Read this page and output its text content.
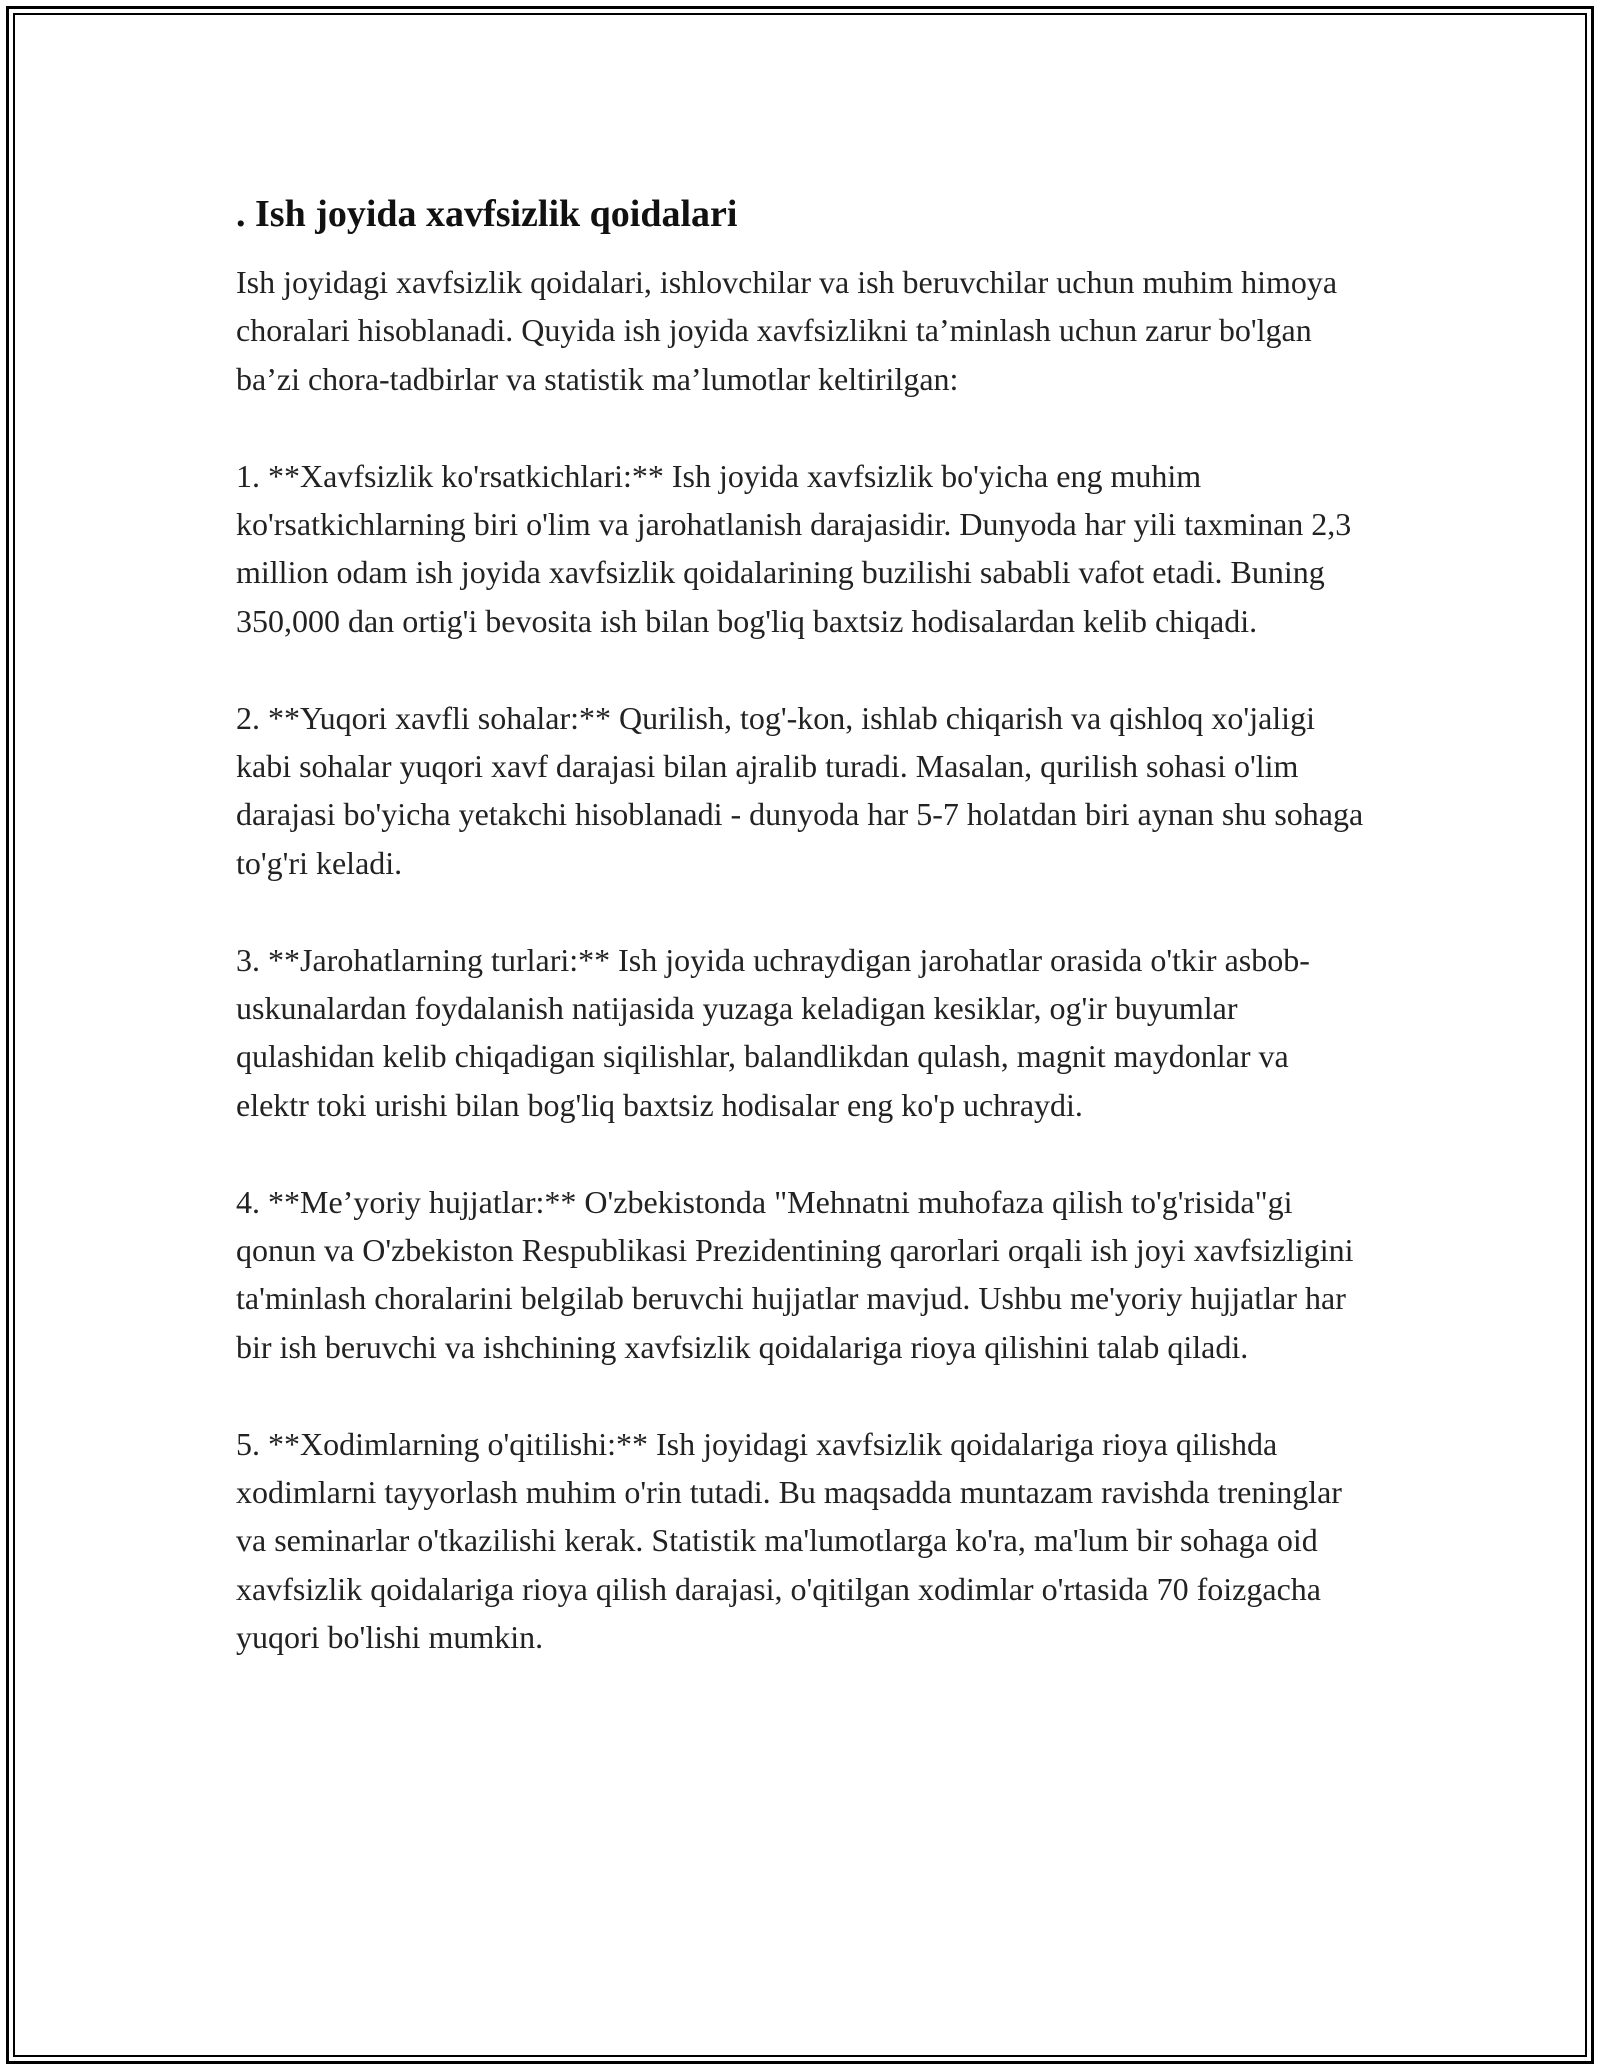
. Ish joyida xavfsizlik qoidalari

Ish joyidagi xavfsizlik qoidalari, ishlovchilar va ish beruvchilar uchun muhim himoya choralari hisoblanadi. Quyida ish joyida xavfsizlikni ta’minlash uchun zarur bo'lgan ba’zi chora-tadbirlar va statistik ma’lumotlar keltirilgan:

1. **Xavfsizlik ko'rsatkichlari:** Ish joyida xavfsizlik bo'yicha eng muhim ko'rsatkichlarning biri o'lim va jarohatlanish darajasidir. Dunyoda har yili taxminan 2,3 million odam ish joyida xavfsizlik qoidalarining buzilishi sababli vafot etadi. Buning 350,000 dan ortig'i bevosita ish bilan bog'liq baxtsiz hodisalardan kelib chiqadi.

2. **Yuqori xavfli sohalar:** Qurilish, tog'-kon, ishlab chiqarish va qishloq xo'jaligi kabi sohalar yuqori xavf darajasi bilan ajralib turadi. Masalan, qurilish sohasi o'lim darajasi bo'yicha yetakchi hisoblanadi - dunyoda har 5-7 holatdan biri aynan shu sohaga to'g'ri keladi.

3. **Jarohatlarning turlari:** Ish joyida uchraydigan jarohatlar orasida o'tkir asbob-uskunalardan foydalanish natijasida yuzaga keladigan kesiklar, og'ir buyumlar qulashidan kelib chiqadigan siqilishlar, balandlikdan qulash, magnit maydonlar va elektr toki urishi bilan bog'liq baxtsiz hodisalar eng ko'p uchraydi.

4. **Me’yoriy hujjatlar:** O'zbekistonda "Mehnatni muhofaza qilish to'g'risida"gi qonun va O'zbekiston Respublikasi Prezidentining qarorlari orqali ish joyi xavfsizligini ta'minlash choralarini belgilab beruvchi hujjatlar mavjud. Ushbu me'yoriy hujjatlar har bir ish beruvchi va ishchining xavfsizlik qoidalariga rioya qilishini talab qiladi.

5. **Xodimlarning o'qitilishi:** Ish joyidagi xavfsizlik qoidalariga rioya qilishda xodimlarni tayyorlash muhim o'rin tutadi. Bu maqsadda muntazam ravishda treninglar va seminarlar o'tkazilishi kerak. Statistik ma'lumotlarga ko'ra, ma'lum bir sohaga oid xavfsizlik qoidalariga rioya qilish darajasi, o'qitilgan xodimlar o'rtasida 70 foizgacha yuqori bo'lishi mumkin.
